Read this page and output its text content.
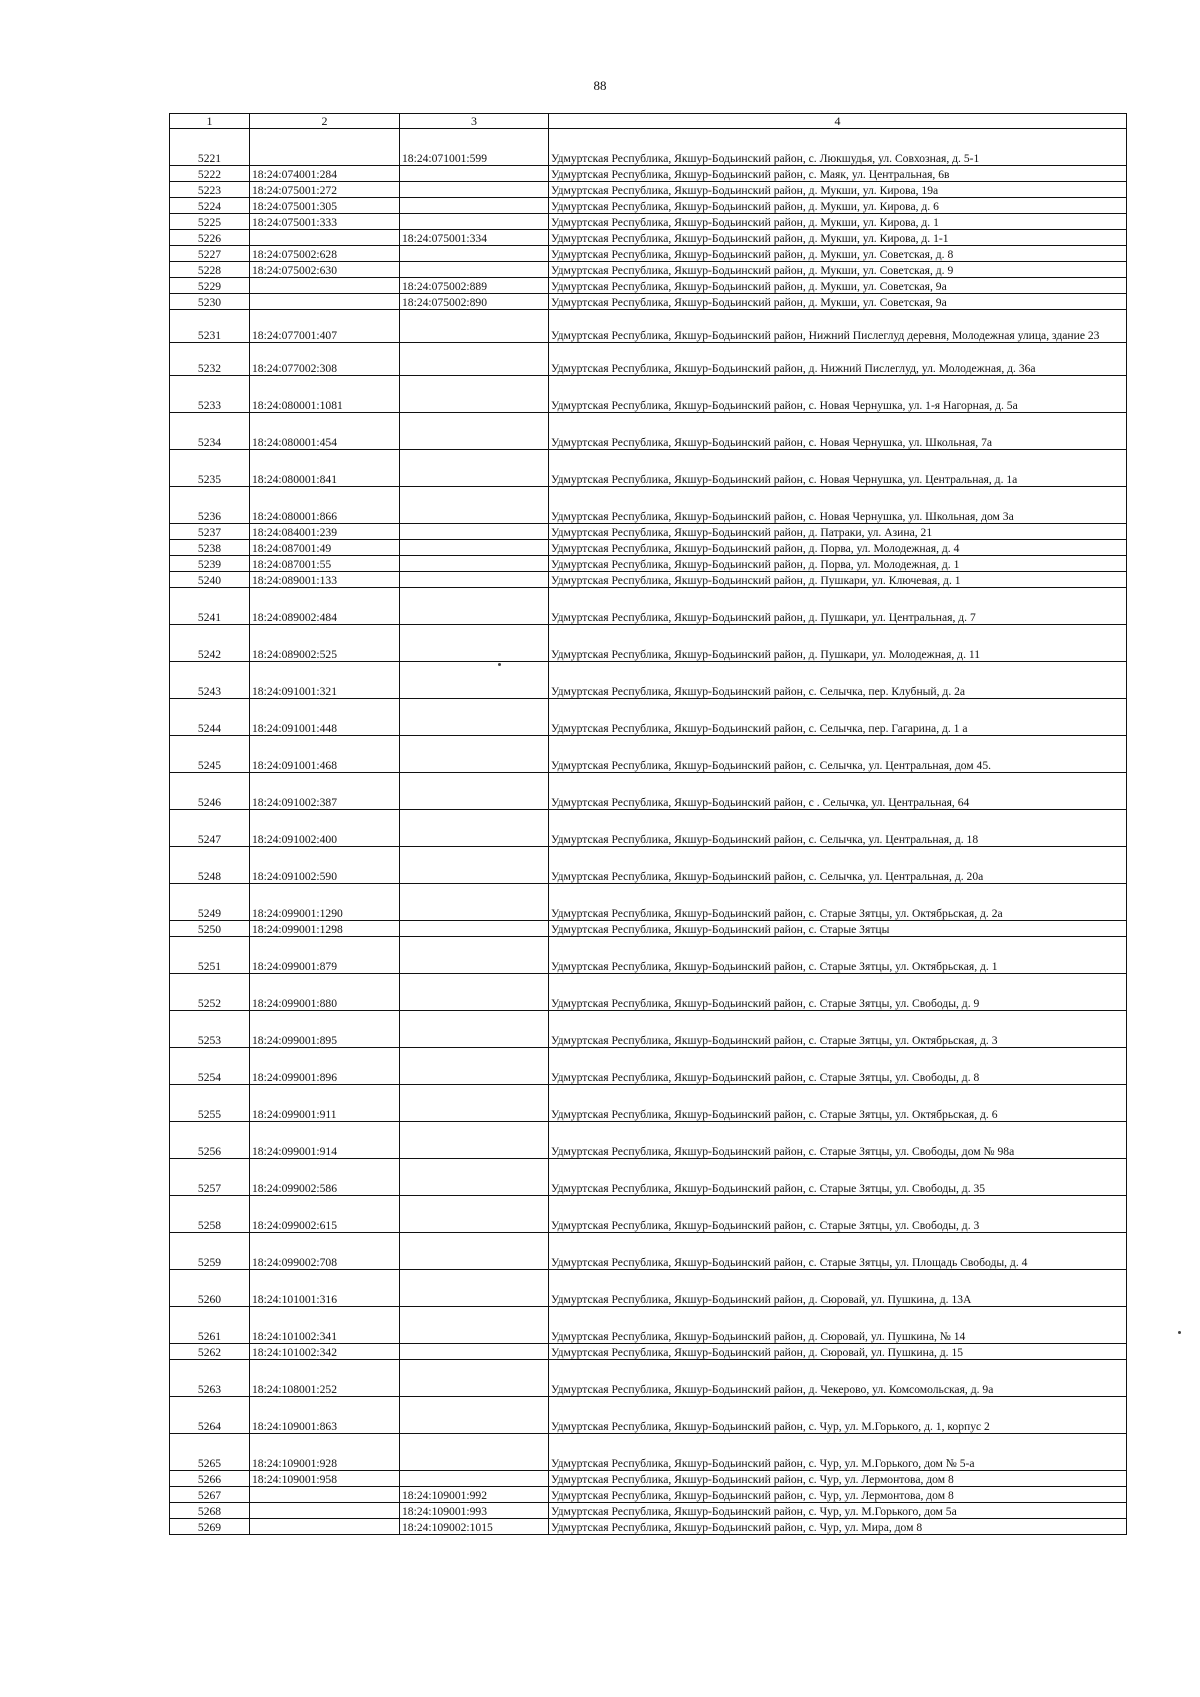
88
1	2	3	4
5221		18:24:071001:599	Удмуртская Республика, Якшур-Бодьинский район, с. Люкшудья, ул. Совхозная, д. 5-1
5222	18:24:074001:284		Удмуртская Республика, Якшур-Бодьинский район, с. Маяк, ул. Центральная, 6в
5223	18:24:075001:272		Удмуртская Республика, Якшур-Бодьинский район, д. Мукши, ул. Кирова, 19а
5224	18:24:075001:305		Удмуртская Республика, Якшур-Бодьинский район, д. Мукши, ул. Кирова, д. 6
5225	18:24:075001:333		Удмуртская Республика, Якшур-Бодьинский район, д. Мукши, ул. Кирова, д. 1
5226		18:24:075001:334	Удмуртская Республика, Якшур-Бодьинский район, д. Мукши, ул. Кирова, д. 1-1
5227	18:24:075002:628		Удмуртская Республика, Якшур-Бодьинский район, д. Мукши, ул. Советская, д. 8
5228	18:24:075002:630		Удмуртская Республика, Якшур-Бодьинский район, д. Мукши, ул. Советская, д. 9
5229		18:24:075002:889	Удмуртская Республика, Якшур-Бодьинский район, д. Мукши, ул. Советская, 9а
5230		18:24:075002:890	Удмуртская Республика, Якшур-Бодьинский район, д. Мукши, ул. Советская, 9а
5231	18:24:077001:407		Удмуртская Республика, Якшур-Бодьинский район, Нижний Пислеглуд деревня, Молодежная улица, здание 23
5232	18:24:077002:308		Удмуртская Республика, Якшур-Бодьинский район, д. Нижний Пислеглуд, ул. Молодежная, д. 36а
5233	18:24:080001:1081		Удмуртская Республика, Якшур-Бодьинский район, с. Новая Чернушка, ул. 1-я Нагорная, д. 5а
5234	18:24:080001:454		Удмуртская Республика, Якшур-Бодьинский район, с. Новая Чернушка, ул. Школьная, 7а
5235	18:24:080001:841		Удмуртская Республика, Якшур-Бодьинский район, с. Новая Чернушка, ул. Центральная, д. 1а
5236	18:24:080001:866		Удмуртская Республика, Якшур-Бодьинский район, с. Новая Чернушка, ул. Школьная, дом 3а
5237	18:24:084001:239		Удмуртская Республика, Якшур-Бодьинский район, д. Патраки, ул. Азина, 21
5238	18:24:087001:49		Удмуртская Республика, Якшур-Бодьинский район, д. Порва, ул. Молодежная, д. 4
5239	18:24:087001:55		Удмуртская Республика, Якшур-Бодьинский район, д. Порва, ул. Молодежная, д. 1
5240	18:24:089001:133		Удмуртская Республика, Якшур-Бодьинский район, д. Пушкари, ул. Ключевая, д. 1
5241	18:24:089002:484		Удмуртская Республика, Якшур-Бодьинский район, д. Пушкари, ул. Центральная, д. 7
5242	18:24:089002:525		Удмуртская Республика, Якшур-Бодьинский район, д. Пушкари, ул. Молодежная, д. 11
5243	18:24:091001:321		Удмуртская Республика, Якшур-Бодьинский район, с. Селычка, пер. Клубный, д. 2а
5244	18:24:091001:448		Удмуртская Республика, Якшур-Бодьинский район, с. Селычка, пер. Гагарина, д. 1 а
5245	18:24:091001:468		Удмуртская Республика, Якшур-Бодьинский район, с. Селычка, ул. Центральная, дом 45.
5246	18:24:091002:387		Удмуртская Республика, Якшур-Бодьинский район, с . Селычка, ул. Центральная, 64
5247	18:24:091002:400		Удмуртская Республика, Якшур-Бодьинский район, с. Селычка, ул. Центральная, д. 18
5248	18:24:091002:590		Удмуртская Республика, Якшур-Бодьинский район, с. Селычка, ул. Центральная, д. 20а
5249	18:24:099001:1290		Удмуртская Республика, Якшур-Бодьинский район, с. Старые Зятцы, ул. Октябрьская, д. 2а
5250	18:24:099001:1298		Удмуртская Республика, Якшур-Бодьинский район, с. Старые Зятцы
5251	18:24:099001:879		Удмуртская Республика, Якшур-Бодьинский район, с. Старые Зятцы, ул. Октябрьская, д. 1
5252	18:24:099001:880		Удмуртская Республика, Якшур-Бодьинский район, с. Старые Зятцы, ул. Свободы, д. 9
5253	18:24:099001:895		Удмуртская Республика, Якшур-Бодьинский район, с. Старые Зятцы, ул. Октябрьская, д. 3
5254	18:24:099001:896		Удмуртская Республика, Якшур-Бодьинский район, с. Старые Зятцы, ул. Свободы, д. 8
5255	18:24:099001:911		Удмуртская Республика, Якшур-Бодьинский район, с. Старые Зятцы, ул. Октябрьская, д. 6
5256	18:24:099001:914		Удмуртская Республика, Якшур-Бодьинский район, с. Старые Зятцы, ул. Свободы, дом № 98а
5257	18:24:099002:586		Удмуртская Республика, Якшур-Бодьинский район, с. Старые Зятцы, ул. Свободы, д. 35
5258	18:24:099002:615		Удмуртская Республика, Якшур-Бодьинский район, с. Старые Зятцы, ул. Свободы, д. 3
5259	18:24:099002:708		Удмуртская Республика, Якшур-Бодьинский район, с. Старые Зятцы, ул. Площадь Свободы, д. 4
5260	18:24:101001:316		Удмуртская Республика, Якшур-Бодьинский район, д. Сюровай, ул. Пушкина, д. 13А
5261	18:24:101002:341		Удмуртская Республика, Якшур-Бодьинский район, д. Сюровай, ул. Пушкина, № 14
5262	18:24:101002:342		Удмуртская Республика, Якшур-Бодьинский район, д. Сюровай, ул. Пушкина, д. 15
5263	18:24:108001:252		Удмуртская Республика, Якшур-Бодьинский район, д. Чекерово, ул. Комсомольская, д. 9а
5264	18:24:109001:863		Удмуртская Республика, Якшур-Бодьинский район, с. Чур, ул. М.Горького, д. 1, корпус 2
5265	18:24:109001:928		Удмуртская Республика, Якшур-Бодьинский район, с. Чур, ул. М.Горького, дом № 5-а
5266	18:24:109001:958		Удмуртская Республика, Якшур-Бодьинский район, с. Чур, ул. Лермонтова, дом 8
5267		18:24:109001:992	Удмуртская Республика, Якшур-Бодьинский район, с. Чур, ул. Лермонтова, дом 8
5268		18:24:109001:993	Удмуртская Республика, Якшур-Бодьинский район, с. Чур, ул. М.Горького, дом 5а
5269		18:24:109002:1015	Удмуртская Республика, Якшур-Бодьинский район, с. Чур, ул. Мира, дом 8
